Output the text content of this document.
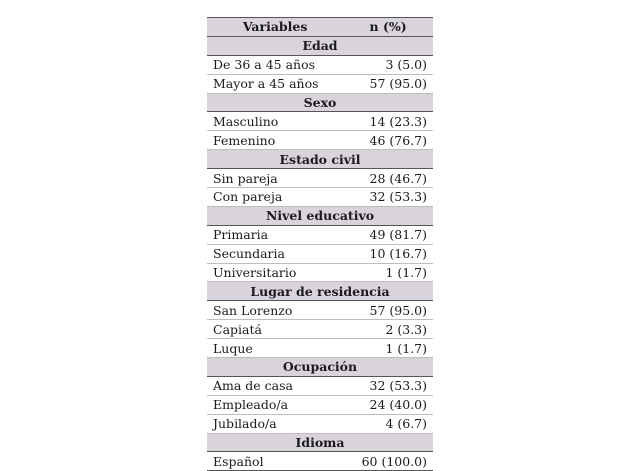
Variables	n (%)
Edad	
De 36 a 45 años	3 (5.0)
Mayor a 45 años	57 (95.0)
Sexo	
Masculino	14 (23.3)
Femenino	46 (76.7)
Estado civil	
Sin pareja	28 (46.7)
Con pareja	32 (53.3)
Nivel educativo	
Primaria	49 (81.7)
Secundaria	10 (16.7)
Universitario	1 (1.7)
Lugar de residencia	
San Lorenzo	57 (95.0)
Capiatá	2 (3.3)
Luque	1 (1.7)
Ocupación	
Ama de casa	32 (53.3)
Empleado/a	24 (40.0)
Jubilado/a	4 (6.7)
Idioma	
Español	60 (100.0)
